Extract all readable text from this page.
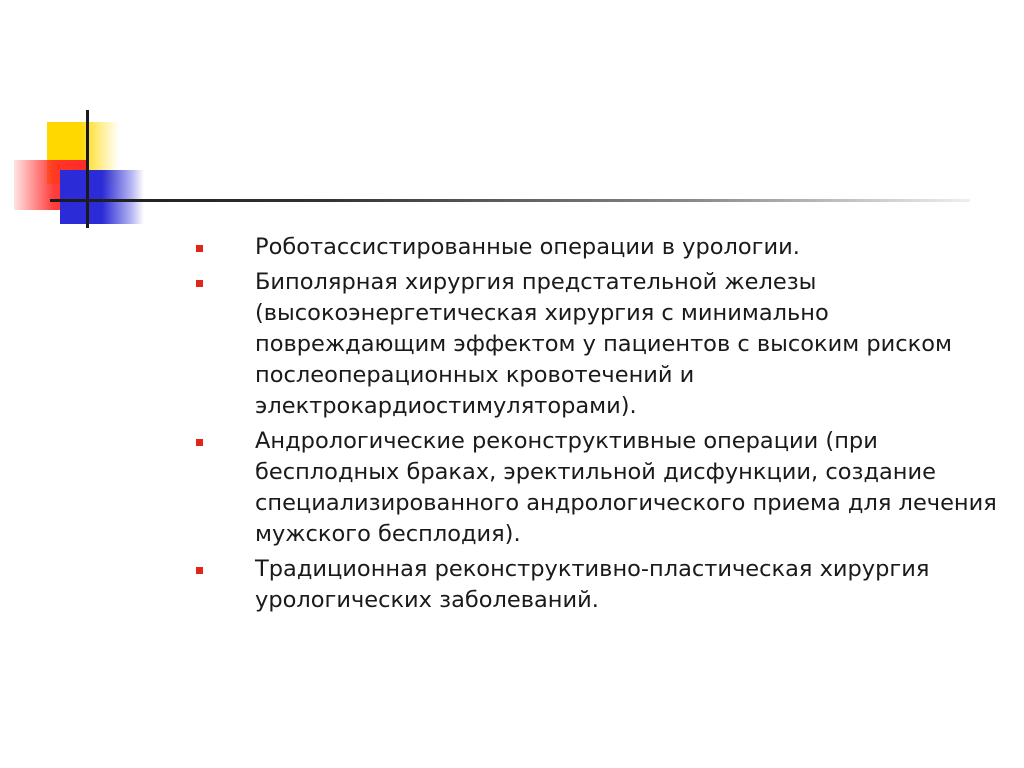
Роботассистированные операции в урологии.
Биполярная хирургия предстательной железы (высокоэнергетическая хирургия с минимально повреждающим эффектом у пациентов с высоким риском послеоперационных кровотечений и электрокардиостимуляторами).
Андрологические реконструктивные операции (при бесплодных браках, эректильной дисфункции, создание специализированного андрологического приема для лечения мужского бесплодия).
Традиционная реконструктивно-пластическая хирургия урологических заболеваний.
